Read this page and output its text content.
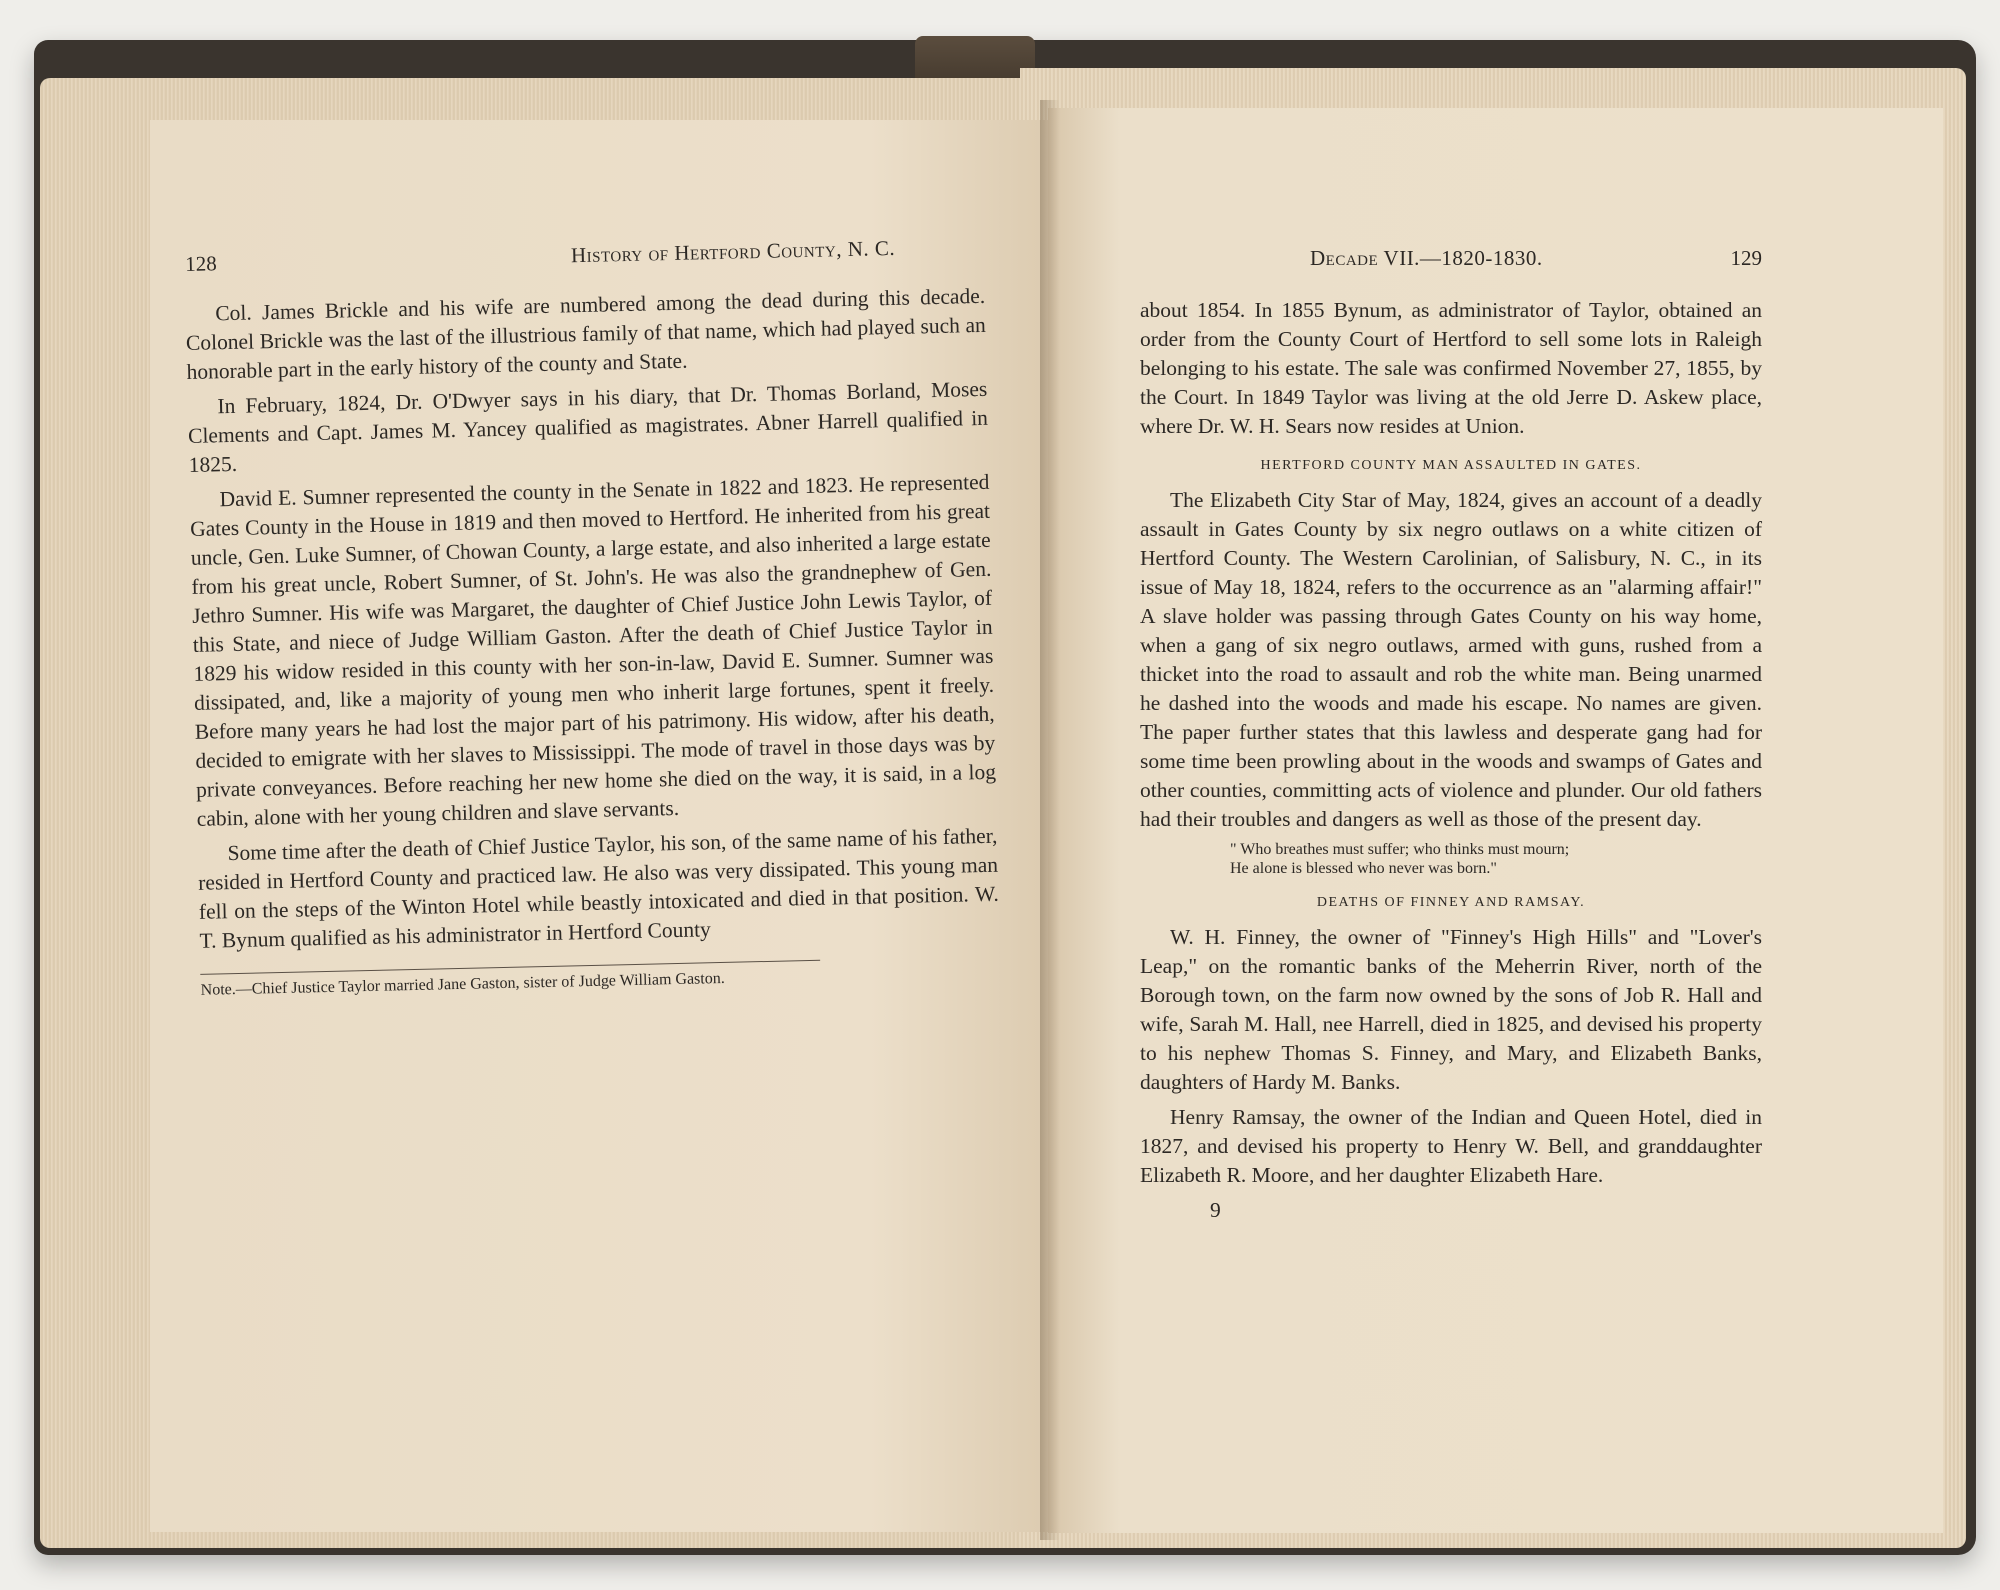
128	History of Hertford County, N. C.

Col. James Brickle and his wife are numbered among the dead during this decade. Colonel Brickle was the last of the illustrious family of that name, which had played such an honorable part in the early history of the county and State.

In February, 1824, Dr. O'Dwyer says in his diary, that Dr. Thomas Borland, Moses Clements and Capt. James M. Yancey qualified as magistrates. Abner Harrell qualified in 1825.

David E. Sumner represented the county in the Senate in 1822 and 1823. He represented Gates County in the House in 1819 and then moved to Hertford. He inherited from his great uncle, Gen. Luke Sumner, of Chowan County, a large estate, and also inherited a large estate from his great uncle, Robert Sumner, of St. John's. He was also the grandnephew of Gen. Jethro Sumner. His wife was Margaret, the daughter of Chief Justice John Lewis Taylor, of this State, and niece of Judge William Gaston. After the death of Chief Justice Taylor in 1829 his widow resided in this county with her son-in-law, David E. Sumner. Sumner was dissipated, and, like a majority of young men who inherit large fortunes, spent it freely. Before many years he had lost the major part of his patrimony. His widow, after his death, decided to emigrate with her slaves to Mississippi. The mode of travel in those days was by private conveyances. Before reaching her new home she died on the way, it is said, in a log cabin, alone with her young children and slave servants.

Some time after the death of Chief Justice Taylor, his son, of the same name of his father, resided in Hertford County and practiced law. He also was very dissipated. This young man fell on the steps of the Winton Hotel while beastly intoxicated and died in that position. W. T. Bynum qualified as his administrator in Hertford County

Note.—Chief Justice Taylor married Jane Gaston, sister of Judge William Gaston.
Decade VII.—1820-1830.	129

about 1854. In 1855 Bynum, as administrator of Taylor, obtained an order from the County Court of Hertford to sell some lots in Raleigh belonging to his estate. The sale was confirmed November 27, 1855, by the Court. In 1849 Taylor was living at the old Jerre D. Askew place, where Dr. W. H. Sears now resides at Union.

HERTFORD COUNTY MAN ASSAULTED IN GATES.

The Elizabeth City Star of May, 1824, gives an account of a deadly assault in Gates County by six negro outlaws on a white citizen of Hertford County. The Western Carolinian, of Salisbury, N. C., in its issue of May 18, 1824, refers to the occurrence as an "alarming affair!" A slave holder was passing through Gates County on his way home, when a gang of six negro outlaws, armed with guns, rushed from a thicket into the road to assault and rob the white man. Being unarmed he dashed into the woods and made his escape. No names are given. The paper further states that this lawless and desperate gang had for some time been prowling about in the woods and swamps of Gates and other counties, committing acts of violence and plunder. Our old fathers had their troubles and dangers as well as those of the present day.

" Who breathes must suffer; who thinks must mourn;
He alone is blessed who never was born."
DEATHS OF FINNEY AND RAMSAY.

W. H. Finney, the owner of "Finney's High Hills" and "Lover's Leap," on the romantic banks of the Meherrin River, north of the Borough town, on the farm now owned by the sons of Job R. Hall and wife, Sarah M. Hall, nee Harrell, died in 1825, and devised his property to his nephew Thomas S. Finney, and Mary, and Elizabeth Banks, daughters of Hardy M. Banks.

Henry Ramsay, the owner of the Indian and Queen Hotel, died in 1827, and devised his property to Henry W. Bell, and granddaughter Elizabeth R. Moore, and her daughter Elizabeth Hare.

9
